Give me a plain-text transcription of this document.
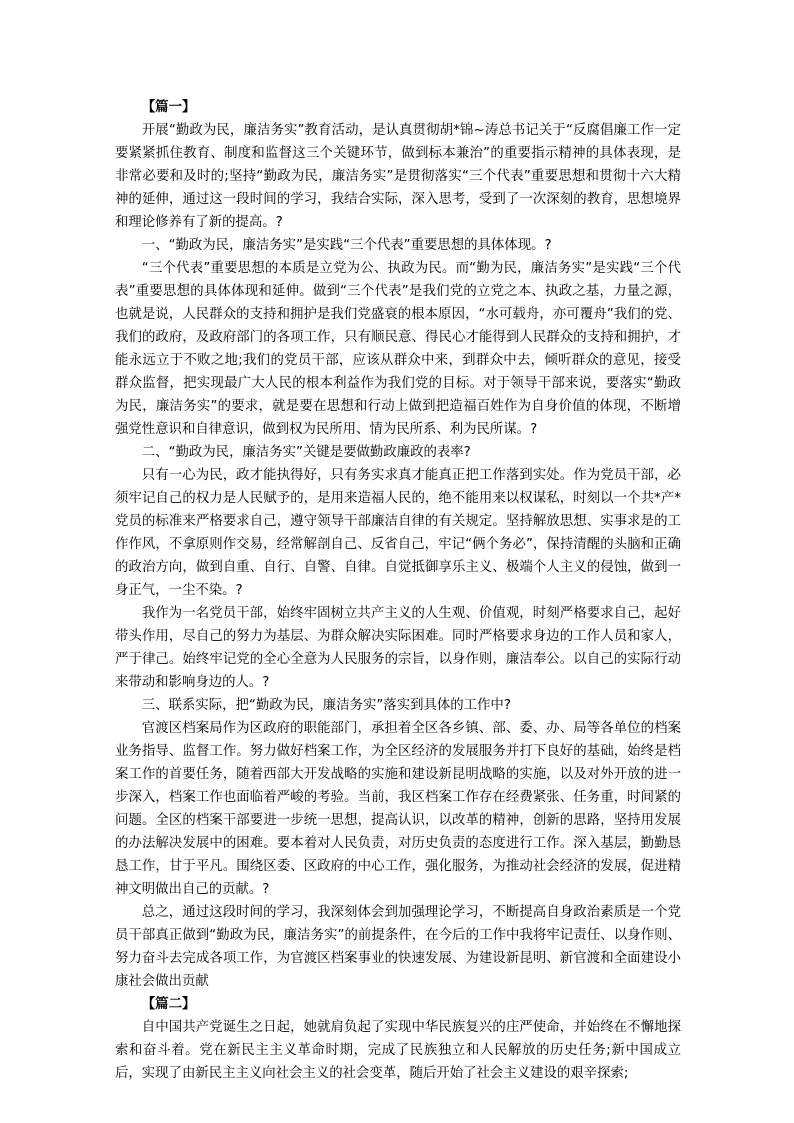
【篇一】

开展“勤政为民，廉洁务实”教育活动，是认真贯彻胡*锦~涛总书记关于“反腐倡廉工作一定要紧紧抓住教育、制度和监督这三个关键环节，做到标本兼治”的重要指示精神的具体表现，是非常必要和及时的;坚持“勤政为民，廉洁务实”是贯彻落实“三个代表”重要思想和贯彻十六大精神的延伸，通过这一段时间的学习，我结合实际，深入思考，受到了一次深刻的教育，思想境界和理论修养有了新的提高。?

一、“勤政为民，廉洁务实”是实践“三个代表”重要思想的具体体现。?

“三个代表”重要思想的本质是立党为公、执政为民。而“勤为民，廉洁务实”是实践“三个代表”重要思想的具体体现和延伸。做到“三个代表”是我们党的立党之本、执政之基，力量之源，也就是说，人民群众的支持和拥护是我们党盛衰的根本原因，“水可载舟，亦可覆舟”我们的党、我们的政府，及政府部门的各项工作，只有顺民意、得民心才能得到人民群众的支持和拥护，才能永远立于不败之地;我们的党员干部，应该从群众中来，到群众中去，倾听群众的意见，接受群众监督，把实现最广大人民的根本利益作为我们党的目标。对于领导干部来说，要落实“勤政为民，廉洁务实”的要求，就是要在思想和行动上做到把造福百姓作为自身价值的体现，不断增强党性意识和自律意识，做到权为民所用、情为民所系、利为民所谋。?

二、“勤政为民，廉洁务实”关键是要做勤政廉政的表率?

只有一心为民，政才能执得好，只有务实求真才能真正把工作落到实处。作为党员干部，必须牢记自己的权力是人民赋予的，是用来造福人民的，绝不能用来以权谋私，时刻以一个共*产*党员的标准来严格要求自己，遵守领导干部廉洁自律的有关规定。坚持解放思想、实事求是的工作作风，不拿原则作交易，经常解剖自己、反省自己，牢记“俩个务必”，保持清醒的头脑和正确的政治方向，做到自重、自行、自警、自律。自觉抵御享乐主义、极端个人主义的侵蚀，做到一身正气，一尘不染。?

我作为一名党员干部，始终牢固树立共产主义的人生观、价值观，时刻严格要求自己，起好带头作用，尽自己的努力为基层、为群众解决实际困难。同时严格要求身边的工作人员和家人，严于律己。始终牢记党的全心全意为人民服务的宗旨，以身作则，廉洁奉公。以自己的实际行动来带动和影响身边的人。?

三、联系实际，把“勤政为民，廉洁务实”落实到具体的工作中?

官渡区档案局作为区政府的职能部门，承担着全区各乡镇、部、委、办、局等各单位的档案业务指导、监督工作。努力做好档案工作，为全区经济的发展服务并打下良好的基础，始终是档案工作的首要任务，随着西部大开发战略的实施和建设新昆明战略的实施，以及对外开放的进一步深入，档案工作也面临着严峻的考验。当前，我区档案工作存在经费紧张、任务重，时间紧的问题。全区的档案干部要进一步统一思想，提高认识，以改革的精神，创新的思路，坚持用发展的办法解决发展中的困难。要本着对人民负责，对历史负责的态度进行工作。深入基层，勤勤恳恳工作，甘于平凡。围绕区委、区政府的中心工作，强化服务，为推动社会经济的发展，促进精神文明做出自己的贡献。?

总之，通过这段时间的学习，我深刻体会到加强理论学习，不断提高自身政治素质是一个党员干部真正做到“勤政为民，廉洁务实”的前提条件，在今后的工作中我将牢记责任、以身作则、努力奋斗去完成各项工作，为官渡区档案事业的快速发展、为建设新昆明、新官渡和全面建设小康社会做出贡献

【篇二】

自中国共产党诞生之日起，她就肩负起了实现中华民族复兴的庄严使命，并始终在不懈地探索和奋斗着。党在新民主主义革命时期，完成了民族独立和人民解放的历史任务;新中国成立后，实现了由新民主主义向社会主义的社会变革，随后开始了社会主义建设的艰辛探索;
